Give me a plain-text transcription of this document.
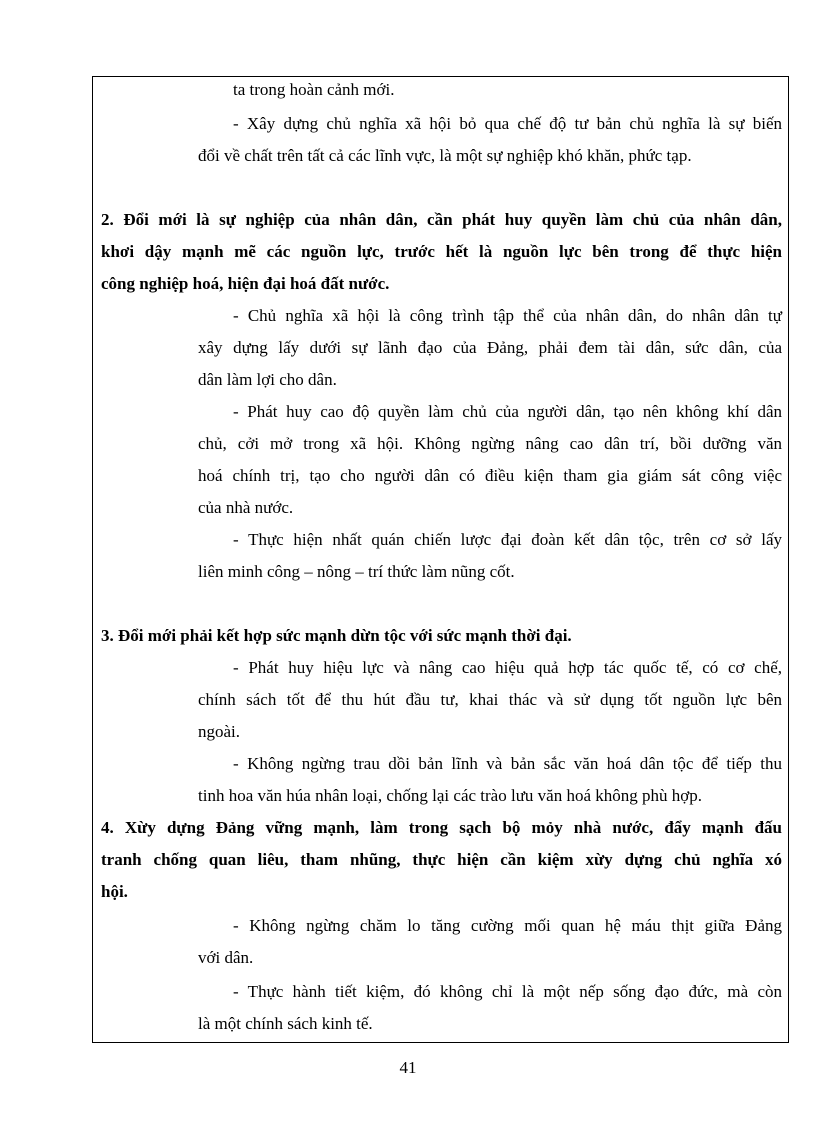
ta trong hoàn cảnh mới.
- Xây dựng chủ nghĩa xã hội bỏ qua chế độ tư bản chủ nghĩa là sự biến
đổi về chất trên tất cả các lĩnh vực, là một sự nghiệp khó khăn, phức tạp.
2. Đổi mới là sự nghiệp của nhân dân, cần phát huy quyền làm chủ của nhân dân,
khơi dậy mạnh mẽ các nguồn lực, trước hết là nguồn lực bên trong để thực hiện
công nghiệp hoá, hiện đại hoá đất nước.
- Chủ nghĩa xã hội là công trình tập thể của nhân dân, do nhân dân tự
xây dựng lấy dưới sự lãnh đạo của Đảng, phải đem tài dân, sức dân, của
dân làm lợi cho dân.
- Phát huy cao độ quyền làm chủ của người dân, tạo nên không khí dân
chủ, cởi mở trong xã hội. Không ngừng nâng cao dân trí, bồi dưỡng văn
hoá chính trị, tạo cho người dân có điều kiện tham gia giám sát công việc
của nhà nước.
- Thực hiện nhất quán chiến lược đại đoàn kết dân tộc, trên cơ sở lấy
liên minh công – nông – trí thức làm nũng cốt.
3. Đổi mới phải kết hợp sức mạnh dừn tộc với sức mạnh thời đại.
- Phát huy hiệu lực và nâng cao hiệu quả hợp tác quốc tế, có cơ chế,
chính sách tốt để thu hút đầu tư, khai thác và sử dụng tốt nguồn lực bên
ngoài.
- Không ngừng trau dồi bản lĩnh và bản sắc văn hoá dân tộc để tiếp thu
tinh hoa văn húa nhân loại, chống lại các trào lưu văn hoá không phù hợp.
4. Xừy dựng Đảng vững mạnh, làm trong sạch bộ mỏy nhà nước, đẩy mạnh đấu
tranh chống quan liêu, tham nhũng, thực hiện cần kiệm xừy dựng chủ nghĩa xó
hội.
- Không ngừng chăm lo tăng cường mối quan hệ máu thịt giữa Đảng
với dân.
- Thực hành tiết kiệm, đó không chỉ là một nếp sống đạo đức, mà còn
là một chính sách kinh tế.
41
